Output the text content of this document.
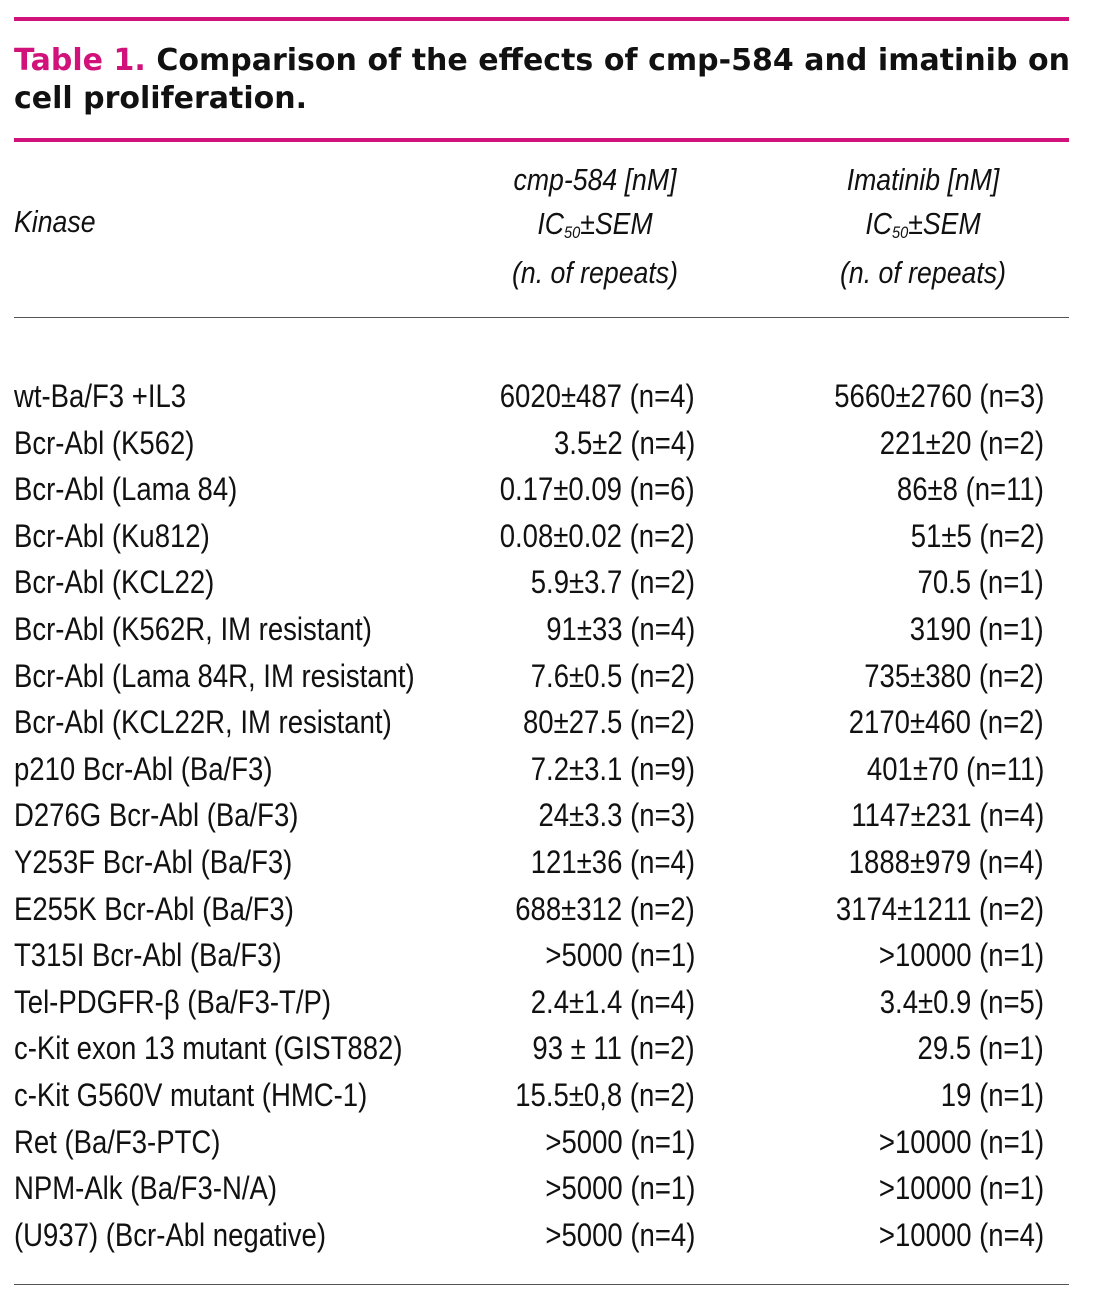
Table 1. Comparison of the effects of cmp-584 and imatinib on cell proliferation.
Kinase
cmp-584 [nM]
$IC_{50}\pm SEM$
(n. of repeats)
Imatinib [nM]
$IC_{50}\pm SEM$
(n. of repeats)
wt-Ba/F3 +IL3	6020±487 (n=4)	5660±2760 (n=3)
Bcr-Abl (K562)	3.5±2 (n=4)	221±20 (n=2)
Bcr-Abl (Lama 84)	0.17±0.09 (n=6)	86±8 (n=11)
Bcr-Abl (Ku812)	0.08±0.02 (n=2)	51±5 (n=2)
Bcr-Abl (KCL22)	5.9±3.7 (n=2)	70.5 (n=1)
Bcr-Abl (K562R, IM resistant)	91±33 (n=4)	3190 (n=1)
Bcr-Abl (Lama 84R, IM resistant)	7.6±0.5 (n=2)	735±380 (n=2)
Bcr-Abl (KCL22R, IM resistant)	80±27.5 (n=2)	2170±460 (n=2)
p210 Bcr-Abl (Ba/F3)	7.2±3.1 (n=9)	401±70 (n=11)
D276G Bcr-Abl (Ba/F3)	24±3.3 (n=3)	1147±231 (n=4)
Y253F Bcr-Abl (Ba/F3)	121±36 (n=4)	1888±979 (n=4)
E255K Bcr-Abl (Ba/F3)	688±312 (n=2)	3174±1211 (n=2)
T315I Bcr-Abl (Ba/F3)	>5000 (n=1)	>10000 (n=1)
Tel-PDGFR-β (Ba/F3-T/P)	2.4±1.4 (n=4)	3.4±0.9 (n=5)
c-Kit exon 13 mutant (GIST882)	93 ± 11 (n=2)	29.5 (n=1)
c-Kit G560V mutant (HMC-1)	15.5±0,8 (n=2)	19 (n=1)
Ret (Ba/F3-PTC)	>5000 (n=1)	>10000 (n=1)
NPM-Alk (Ba/F3-N/A)	>5000 (n=1)	>10000 (n=1)
(U937) (Bcr-Abl negative)	>5000 (n=4)	>10000 (n=4)
